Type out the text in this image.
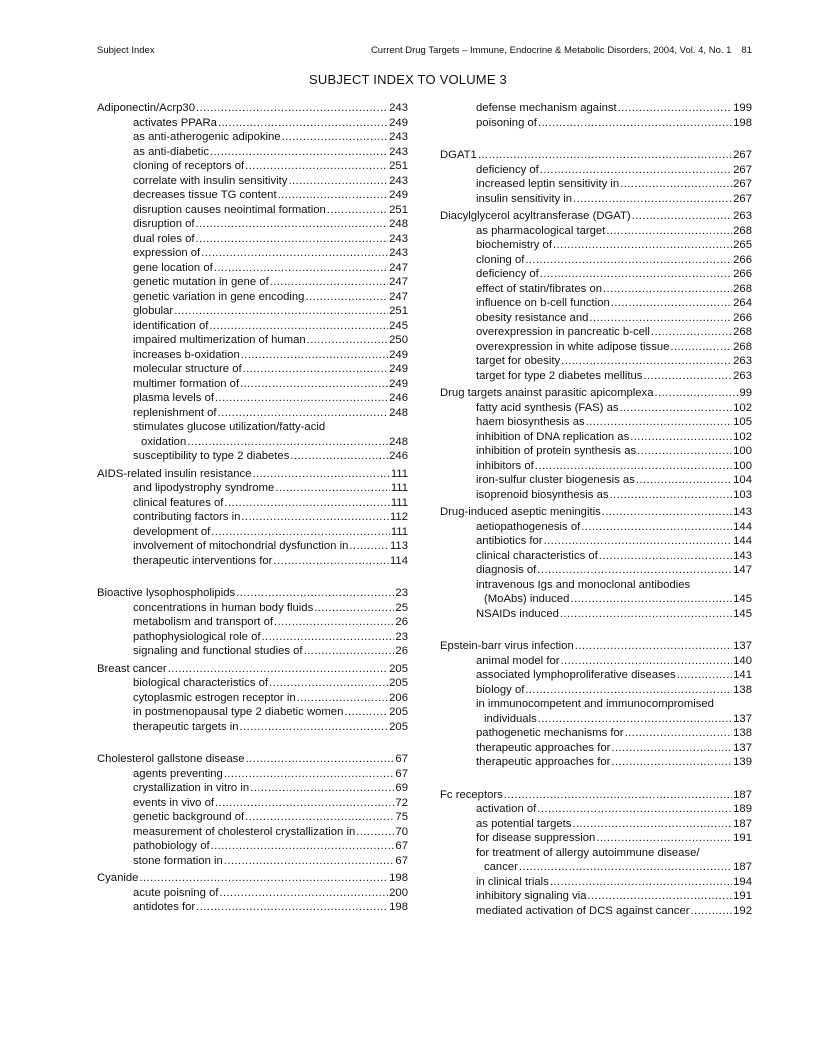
Subject Index	Current Drug Targets – Immune, Endocrine & Metabolic Disorders, 2004, Vol. 4, No. 1 81
SUBJECT INDEX TO VOLUME 3
Adiponectin/Acrp30 .....	243
activates PPARa .....	249
as anti-atherogenic adipokine .....	243
as anti-diabetic .....	243
cloning of receptors of .....	251
correlate with insulin sensitivity .....	243
decreases tissue TG content .....	249
disruption causes neointimal formation .....	251
disruption of .....	248
dual roles of .....	243
expression of .....	243
gene location of .....	247
genetic mutation in gene of .....	247
genetic variation in gene encoding .....	247
globular .....	251
identification of .....	245
impaired multimerization of human .....	250
increases b-oxidation .....	249
molecular structure of .....	249
multimer formation of .....	249
plasma levels of .....	246
replenishment of .....	248
stimulates glucose utilization/fatty-acid
oxidation .....	248
susceptibility to type 2 diabetes .....	246
AIDS-related insulin resistance .....	111
and lipodystrophy syndrome .....	111
clinical features of .....	111
contributing factors in .....	112
development of .....	111
involvement of mitochondrial dysfunction in .....	113
therapeutic interventions for .....	114
Bioactive lysophospholipids .....	23
concentrations in human body fluids .....	25
metabolism and transport of .....	26
pathophysiological role of .....	23
signaling and functional studies of .....	26
Breast cancer .....	205
biological characteristics of .....	205
cytoplasmic estrogen receptor in .....	206
in postmenopausal type 2 diabetic women .....	205
therapeutic targets in .....	205
Cholesterol gallstone disease .....	67
agents preventing .....	67
crystallization in vitro in .....	69
events in vivo of .....	72
genetic background of .....	75
measurement of cholesterol crystallization in .....	70
pathobiology of .....	67
stone formation in .....	67
Cyanide .....	198
acute poisning of .....	200
antidotes for .....	198
defense mechanism against .....	199
poisoning of .....	198
DGAT1 .....	267
deficiency of .....	267
increased leptin sensitivity in .....	267
insulin sensitivity in .....	267
Diacylglycerol acyltransferase (DGAT) .....	263
as pharmacological target .....	268
biochemistry of .....	265
cloning of .....	266
deficiency of .....	266
effect of statin/fibrates on .....	268
influence on b-cell function .....	264
obesity resistance and .....	266
overexpression in pancreatic b-cell .....	268
overexpression in white adipose tissue .....	268
target for obesity .....	263
target for type 2 diabetes mellitus .....	263
Drug targets anainst parasitic apicomplexa .....	99
fatty acid synthesis (FAS) as .....	102
haem biosynthesis as .....	105
inhibition of DNA replication as .....	102
inhibition of protein synthesis as .....	100
inhibitors of .....	100
iron-sulfur cluster biogenesis as .....	104
isoprenoid biosynthesis as .....	103
Drug-induced aseptic meningitis .....	143
aetiopathogenesis of .....	144
antibiotics for .....	144
clinical characteristics of .....	143
diagnosis of .....	147
intravenous Igs and monoclonal antibodies
(MoAbs) induced .....	145
NSAIDs induced .....	145
Epstein-barr virus infection .....	137
animal model for .....	140
associated lymphoproliferative diseases .....	141
biology of .....	138
in immunocompetent and immunocompromised
individuals .....	137
pathogenetic mechanisms for .....	138
therapeutic approaches for .....	137
therapeutic approaches for .....	139
Fc receptors .....	187
activation of .....	189
as potential targets .....	187
for disease suppression .....	191
for treatment of allergy autoimmune disease/
cancer .....	187
in clinical trials .....	194
inhibitory signaling via .....	191
mediated activation of DCS against cancer .....	192
